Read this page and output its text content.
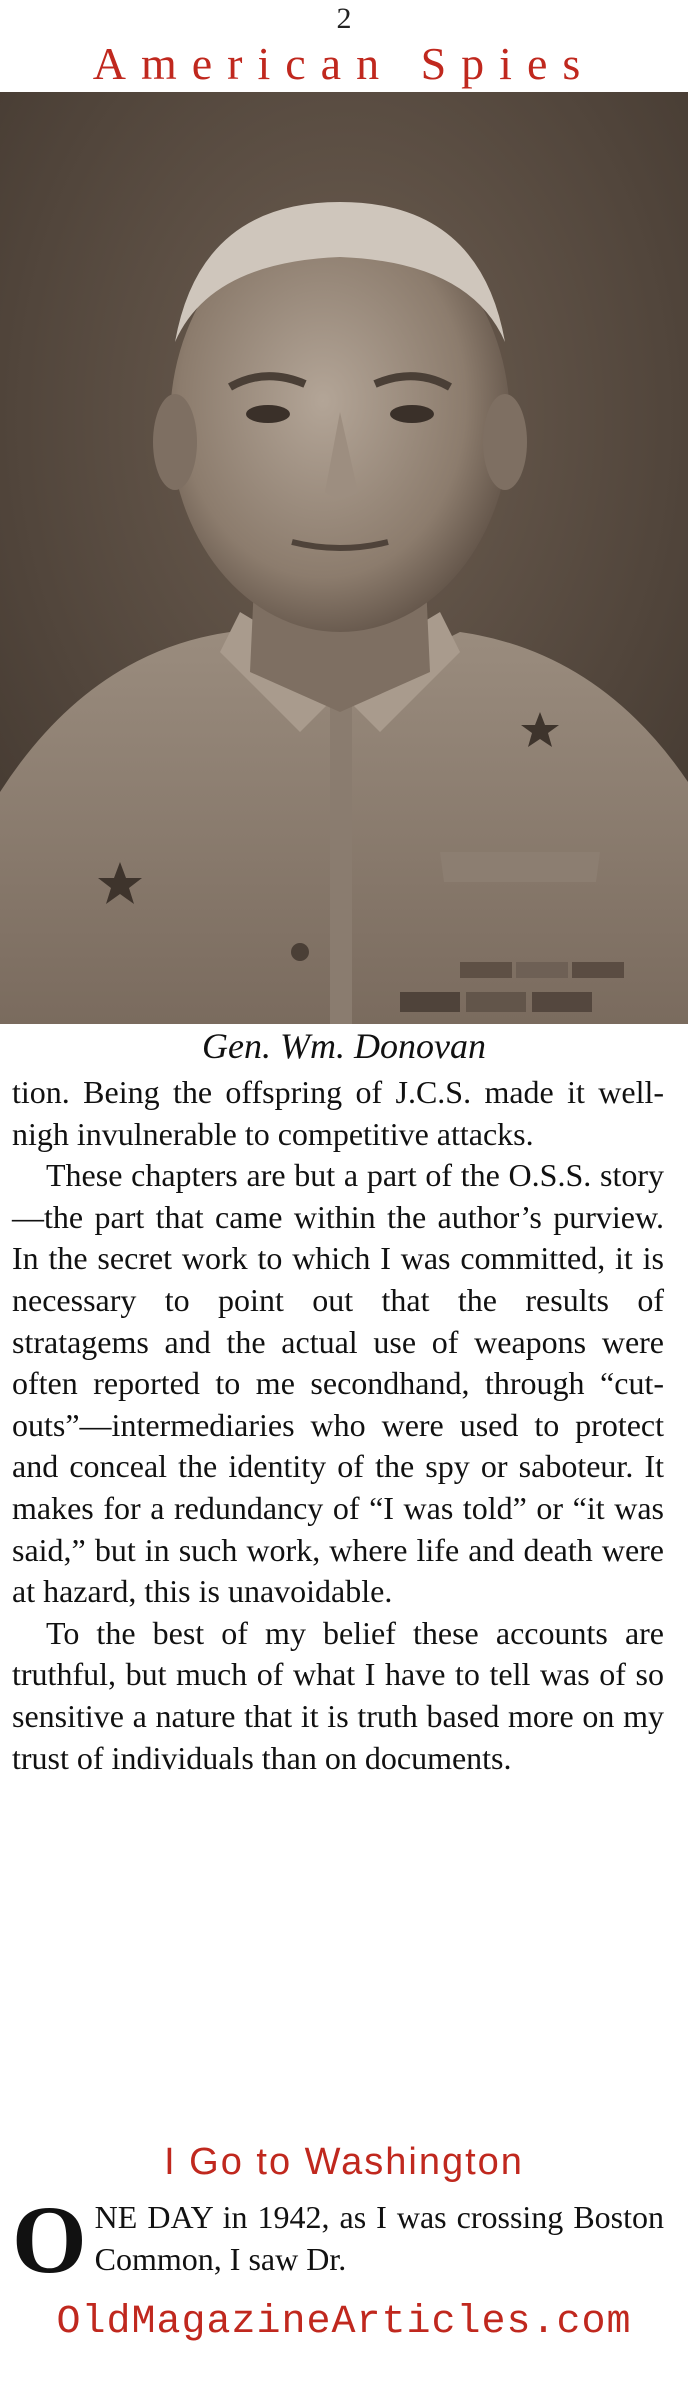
2
American Spies
Gen. Wm. Donovan

tion. Being the offspring of J.C.S. made it well-nigh invulnerable to competitive attacks.

These chapters are but a part of the O.S.S. story—the part that came within the author’s purview. In the secret work to which I was committed, it is necessary to point out that the results of stratagems and the actual use of weapons were often reported to me secondhand, through “cut-outs”—intermediaries who were used to protect and conceal the identity of the spy or saboteur. It makes for a redundancy of “I was told” or “it was said,” but in such work, where life and death were at hazard, this is unavoidable.

To the best of my belief these accounts are truthful, but much of what I have to tell was of so sensitive a nature that it is truth based more on my trust of individuals than on documents.

I Go to Washington
O NE DAY in 1942, as I was crossing Boston Common, I saw Dr.
OldMagazineArticles.com
